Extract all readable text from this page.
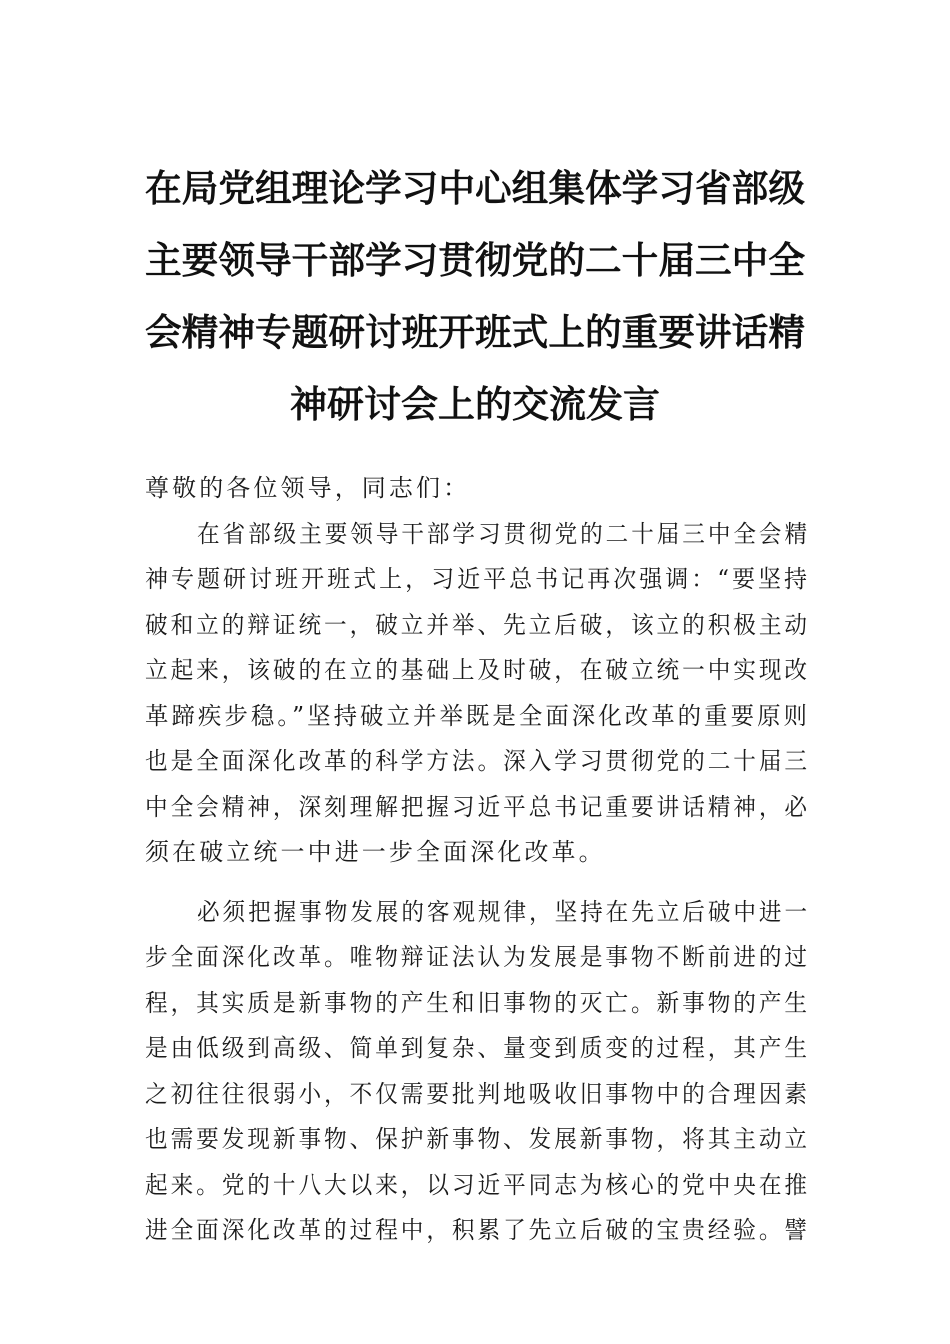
在局党组理论学习中心组集体学习省部级
主要领导干部学习贯彻党的二十届三中全
会精神专题研讨班开班式上的重要讲话精
神研讨会上的交流发言
尊敬的各位领导，同志们：
在省部级主要领导干部学习贯彻党的二十届三中全会精
神专题研讨班开班式上，习近平总书记再次强调：“要坚持
破和立的辩证统一，破立并举、先立后破，该立的积极主动
立起来，该破的在立的基础上及时破，在破立统一中实现改
革蹄疾步稳。”坚持破立并举既是全面深化改革的重要原则
也是全面深化改革的科学方法。深入学习贯彻党的二十届三
中全会精神，深刻理解把握习近平总书记重要讲话精神，必
须在破立统一中进一步全面深化改革。
必须把握事物发展的客观规律，坚持在先立后破中进一
步全面深化改革。唯物辩证法认为发展是事物不断前进的过
程，其实质是新事物的产生和旧事物的灭亡。新事物的产生
是由低级到高级、简单到复杂、量变到质变的过程，其产生
之初往往很弱小，不仅需要批判地吸收旧事物中的合理因素
也需要发现新事物、保护新事物、发展新事物，将其主动立
起来。党的十八大以来，以习近平同志为核心的党中央在推
进全面深化改革的过程中，积累了先立后破的宝贵经验。譬
